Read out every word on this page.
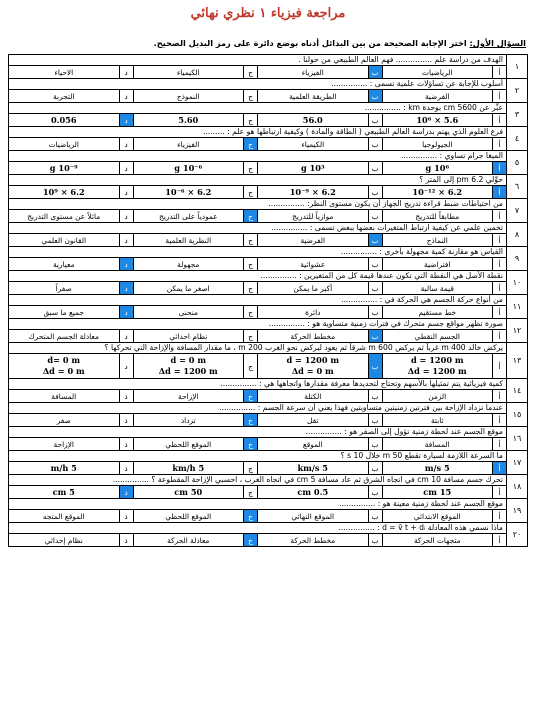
مراجعة فيزياء ١ نظري نهائي
السؤال الأول: اختر الإجابة الصحيحة من بين البدائل أدناه بوضع دائرة على رمز البديل الصحيح.
١
الهدف من دراسة علم ............... فهم العالم الطبيعي من حولنا .
أ
الرياضيات
ب
الفيزياء
ج
الكيمياء
د
الاحياء
٢
أسلوب للإجابة عن تساؤلات علمية تسمى : ...............
أ
الفرضية
ب
الطريقة العلمية
ج
النموذج
د
التجربة
٣
عبِّر عن 5600 cm بوحدة km : ...............
أ
5.6 × 10⁶
ب
56.0
ج
5.60
د
0.056
٤
فرع العلوم الذي يهتم بدراسة العالم الطبيعي ( الطاقة والمادة ) وكيفية ارتباطها هو علم : .........
أ
الجيولوجيا
ب
الكيمياء
ج
الفيزياء
د
الرياضيات
٥
الميغا جرام تساوي : ...............
أ
10⁶ g
ب
10³ g
ج
10⁻⁶ g
د
10⁻⁹ g
٦
حوِّلي 6.2 pm إلى المتر ؟
أ
6.2 × 10⁻¹²
ب
6.2 × 10⁻⁹
ج
6.2 × 10⁻⁶
د
6.2 × 10⁹
٧
من احتياطات ضبط قراءة تدريج الجهاز أن يكون مستوى النظر: ...............
أ
مطابقاً للتدريج
ب
موازياً للتدريج
ج
عمودياً على التدريج
د
مائلاً عن مستوى التدريج
٨
تخمين علمي عن كيفية ارتباط المتغيرات بعضها ببعض تسمى : ...............
أ
النماذج
ب
الفرضية
ج
النظرية العلمية
د
القانون العلمي
٩
القياس هو مقارنة كمية مجهولة بأخرى : ...............
أ
افتراضية
ب
عشوائية
ج
مجهولة
د
معيارية
١٠
نقطة الأصل هي النقطة التي تكون عندها قيمة كل من المتغيرين : ...............
أ
قيمة سالبة
ب
أكبر ما يمكن
ج
اصغر ما يمكن
د
صفراً
١١
من أنواع حركة الجسم هي الحركة في : ...............
أ
خط مستقيم
ب
دائرة
ج
منحنى
د
جميع ما سبق
١٢
صورة تظهر مواقع جسم متحرك في فترات زمنية متساوية هو : ...............
أ
الجسم النقطي
ب
مخطط الحركة
ج
نظام احداثي
د
معادلة الجسم المتحرك
١٣
يركض خالد 400 m غرباً ثم يركض 600 m شرقاً ثم يعود ليركض نحو الغرب 200 m ، ما مقدار المسافة والإزاحة التي تحركها ؟
أ
d = 1200 m
Δd = 1200 m
ب
d = 1200 m
Δd = 0 m
ج
d = 0 m
Δd = 1200 m
د
d= 0 m
Δd = 0 m
١٤
كمية فيزيائية يتم تمثيلها بالأسهم وتحتاج لتحديدها معرفة مقدارها واتجاهها هي : ...............
أ
الزمن
ب
الكتلة
ج
الإزاحة
د
المسافة
١٥
عندما تزداد الإزاحة بين فترتين زمنيتين متساويتين فهذا يعني أن سرعة الجسم : ...............
أ
ثابتة
ب
تقل
ج
تزداد
د
صفر
١٦
موقع الجسم عند لحظة زمنية تؤول إلى الصفر هو : ...............
أ
المسافة
ب
الموقع
ج
الموقع اللحظي
د
الإزاحة
١٧
ما السرعة اللازمة لسيارة تقطع 50 m خلال 10 s ؟
أ
5 m/s
ب
5 km/s
ج
5 km/h
د
5 m/h
١٨
تحرك جسم مسافة 10 cm في اتجاه الشرق ثم عاد مسافة 5 cm في اتجاه الغرب ، احسبي الإزاحة المقطوعة ؟ ...............
أ
15 cm
ب
0.5 cm
ج
50 cm
د
5 cm
١٩
موقع الجسم عند لحظة زمنية معينة هو : ...............
أ
الموقع الابتدائي
ب
الموقع النهائي
ج
الموقع اللحظي
د
الموقع المتجه
٢٠
ماذا نسمي هذه المعادلة d = v̄ t + dᵢ : ...............
أ
متجهات الحركة
ب
مخطط الحركة
ج
معادلة الحركة
د
نظام إحداثي
